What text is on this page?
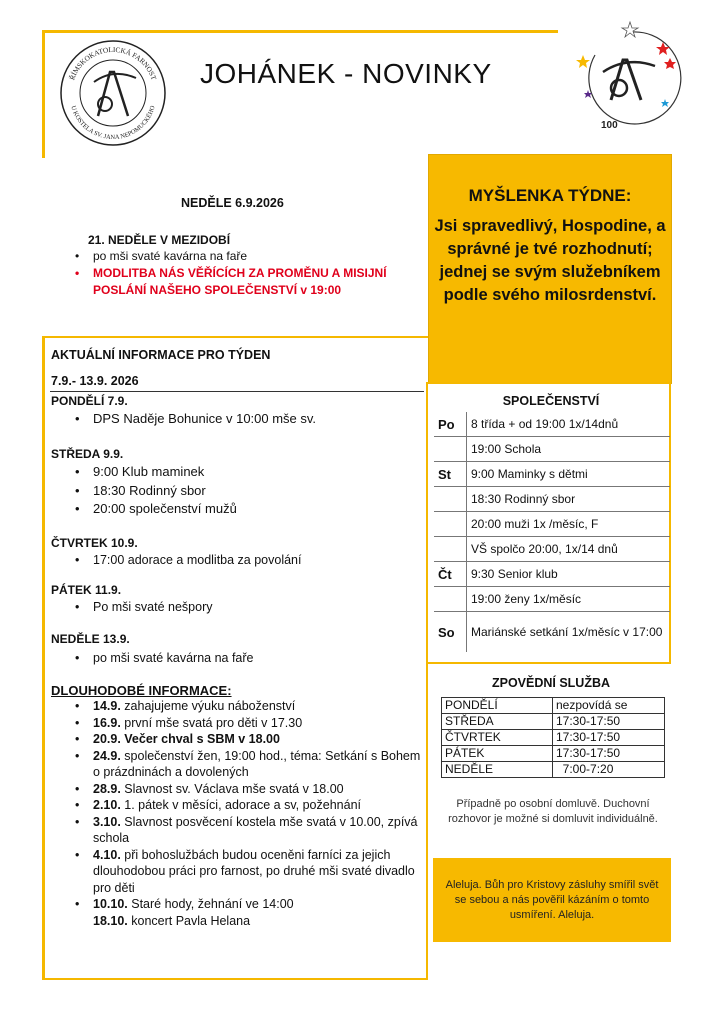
ŘÍMSKOKATOLICKÁ FARNOST
U KOSTELA SV. JANA NEPOMUCKÉHO
JOHÁNEK - NOVINKY
100
NEDĚLE 6.9.2026
21. NEDĚLE V MEZIDOBÍ
• po mši svaté kavárna na faře
• MODLITBA NÁS VĚŘÍCÍCH ZA PROMĚNU A MISIJNÍ POSLÁNÍ NAŠEHO SPOLEČENSTVÍ v 19:00
MYŠLENKA TÝDNE:
Jsi spravedlivý, Hospodine, a správné je tvé rozhodnutí; jednej se svým služebníkem podle svého milosrdenství.
AKTUÁLNÍ INFORMACE PRO TÝDEN
7.9.- 13.9. 2026
PONDĚLÍ 7.9.
• DPS Naděje Bohunice v 10:00 mše sv.
STŘEDA 9.9.
• 9:00 Klub maminek
• 18:30 Rodinný sbor
• 20:00 společenství mužů
ČTVRTEK 10.9.
• 17:00 adorace a modlitba za povolání
PÁTEK 11.9.
• Po mši svaté nešpory
NEDĚLE 13.9.
• po mši svaté kavárna na faře
DLOUHODOBÉ INFORMACE:
• 14.9. zahajujeme výuku náboženství
• 16.9. první mše svatá pro děti v 17.30
• 20.9. Večer chval s SBM v 18.00
• 24.9. společenství žen, 19:00 hod., téma: Setkání s Bohem o prázdninách a dovolených
• 28.9. Slavnost sv. Václava mše svatá v 18.00
• 2.10. 1. pátek v měsíci, adorace a sv, požehnání
• 3.10. Slavnost posvěcení kostela mše svatá v 10.00, zpívá schola
• 4.10. při bohoslužbách budou oceněni farníci za jejich dlouhodobou práci pro farnost, po druhé mši svaté divadlo pro děti
• 10.10. Staré hody, žehnání ve 14:00
18.10. koncert Pavla Helana
SPOLEČENSTVÍ
Po	8 třída + od 19:00 1x/14dnů
	19:00 Schola
St	9:00 Maminky s dětmi
	18:30 Rodinný sbor
	20:00 muži 1x /měsíc, F
	VŠ spolčo 20:00, 1x/14 dnů
Čt	9:30 Senior klub
	19:00 ženy 1x/měsíc
So	Mariánské setkání 1x/měsíc v 17:00
ZPOVĚDNÍ SLUŽBA
PONDĚLÍ	nezpovídá se
STŘEDA	17:30-17:50
ČTVRTEK	17:30-17:50
PÁTEK	17:30-17:50
NEDĚLE	7:00-7:20
Případně po osobní domluvě. Duchovní rozhovor je možné si domluvit individuálně.
Aleluja. Bůh pro Kristovy zásluhy smířil svět se sebou a nás pověřil kázáním o tomto usmíření. Aleluja.
